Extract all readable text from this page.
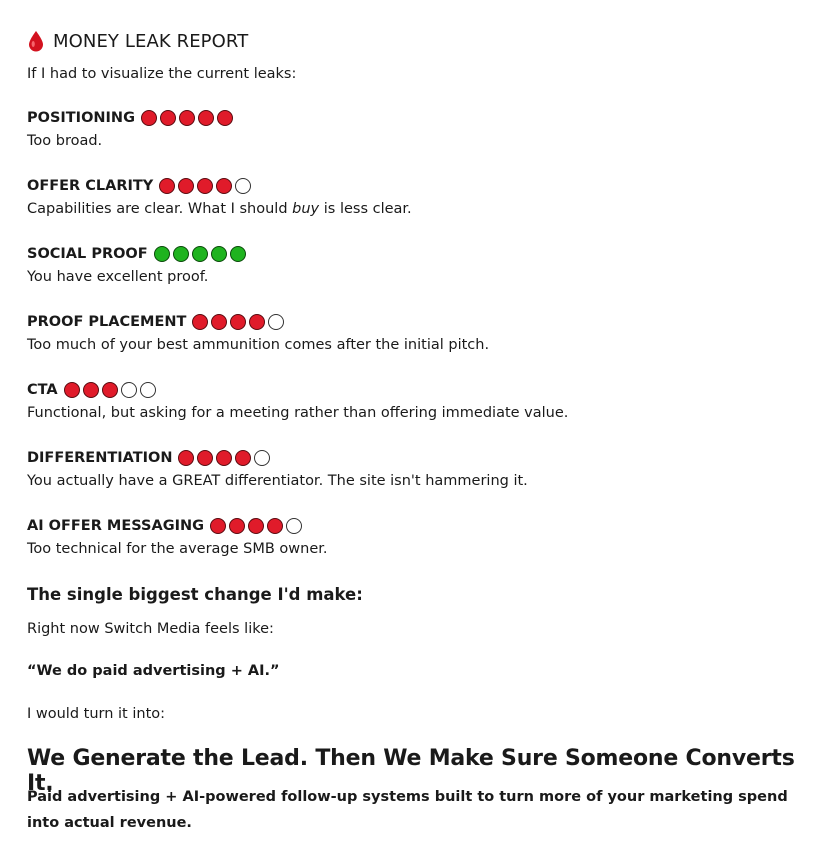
MONEY LEAK REPORT
If I had to visualize the current leaks:
POSITIONING
Too broad.
OFFER CLARITY
Capabilities are clear. What I should buy is less clear.
SOCIAL PROOF
You have excellent proof.
PROOF PLACEMENT
Too much of your best ammunition comes after the initial pitch.
CTA
Functional, but asking for a meeting rather than offering immediate value.
DIFFERENTIATION
You actually have a GREAT differentiator. The site isn't hammering it.
AI OFFER MESSAGING
Too technical for the average SMB owner.
The single biggest change I'd make:
Right now Switch Media feels like:
“We do paid advertising + AI.”
I would turn it into:
We Generate the Lead. Then We Make Sure Someone Converts It.
Paid advertising + AI-powered follow-up systems built to turn more of your marketing spend into actual revenue.
